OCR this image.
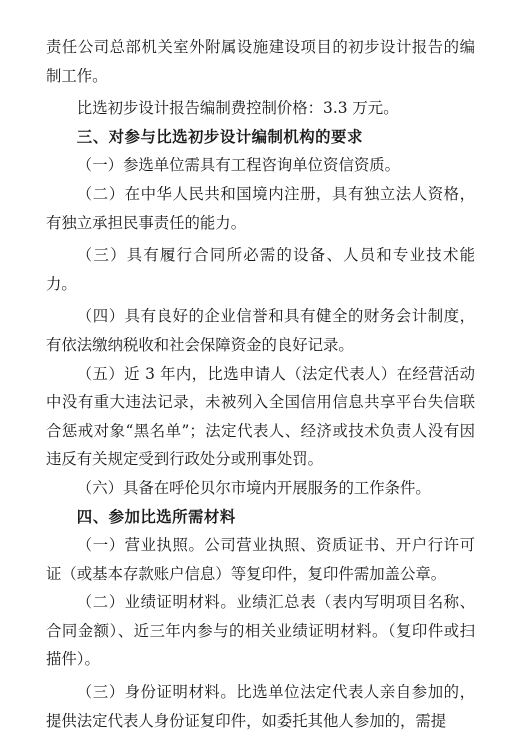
责任公司总部机关室外附属设施建设项目的初步设计报告的编制工作。

比选初步设计报告编制费控制价格：3.3 万元。

三、对参与比选初步设计编制机构的要求

（一）参选单位需具有工程咨询单位资信资质。

（二）在中华人民共和国境内注册，具有独立法人资格，有独立承担民事责任的能力。

（三）具有履行合同所必需的设备、人员和专业技术能力。

（四）具有良好的企业信誉和具有健全的财务会计制度，有依法缴纳税收和社会保障资金的良好记录。

（五）近 3 年内，比选申请人（法定代表人）在经营活动中没有重大违法记录，未被列入全国信用信息共享平台失信联合惩戒对象“黑名单”；法定代表人、经济或技术负责人没有因违反有关规定受到行政处分或刑事处罚。

（六）具备在呼伦贝尔市境内开展服务的工作条件。

四、参加比选所需材料

（一）营业执照。公司营业执照、资质证书、开户行许可证（或基本存款账户信息）等复印件，复印件需加盖公章。

（二）业绩证明材料。业绩汇总表（表内写明项目名称、合同金额）、近三年内参与的相关业绩证明材料。（复印件或扫描件）。

（三）身份证明材料。比选单位法定代表人亲自参加的，提供法定代表人身份证复印件，如委托其他人参加的，需提
